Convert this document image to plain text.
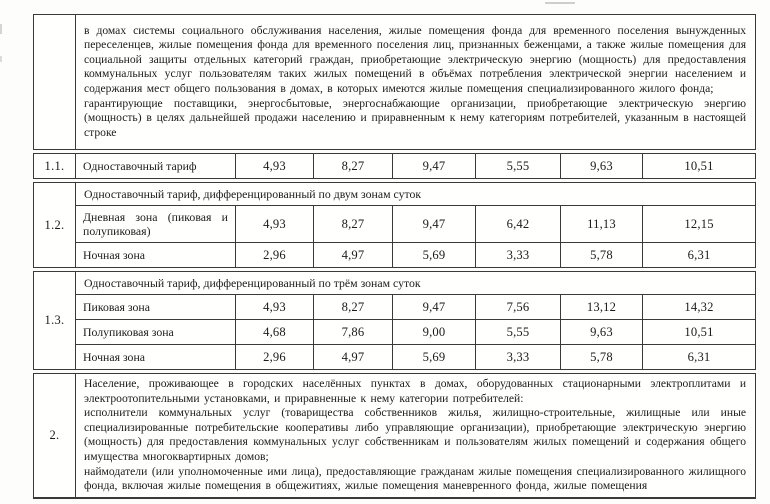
в домах системы социального обслуживания населения, жилые помещения фонда для временного поселения вынужденных переселенцев, жилые помещения фонда для временного поселения лиц, признанных беженцами, а также жилые помещения для социальной защиты отдельных категорий граждан, приобретающие электрическую энергию (мощность) для предоставления коммунальных услуг пользователям таких жилых помещений в объёмах потребления электрической энергии населением и содержания мест общего пользования в домах, в которых имеются жилые помещения специализированного жилого фонда;
гарантирующие поставщики, энергосбытовые, энергоснабжающие организации, приобретающие электрическую энергию (мощность) в целях дальнейшей продажи населению и приравненным к нему категориям потребителей, указанным в настоящей строке
1.1.	Одноставочный тариф	4,93	8,27	9,47	5,55	9,63	10,51
1.2.	Одноставочный тариф, дифференцированный по двум зонам суток						
	Дневная зона (пиковая и полупиковая)	4,93	8,27	9,47	6,42	11,13	12,15
	Ночная зона	2,96	4,97	5,69	3,33	5,78	6,31
1.3.	Одноставочный тариф, дифференцированный по трём зонам суток						
	Пиковая зона	4,93	8,27	9,47	7,56	13,12	14,32
	Полупиковая зона	4,68	7,86	9,00	5,55	9,63	10,51
	Ночная зона	2,96	4,97	5,69	3,33	5,78	6,31
2.	
Население, проживающее в городских населённых пунктах в домах, оборудованных стационарными электроплитами и электроотопительными установками, и приравненные к нему категории потребителей:
исполнители коммунальных услуг (товарищества собственников жилья, жилищно-строительные, жилищные или иные специализированные потребительские кооперативы либо управляющие организации), приобретающие электрическую энергию (мощность) для предоставления коммунальных услуг собственникам и пользователям жилых помещений и содержания общего имущества многоквартирных домов;
наймодатели (или уполномоченные ими лица), предоставляющие гражданам жилые помещения специализированного жилищного фонда, включая жилые помещения в общежитиях, жилые помещения маневренного фонда, жилые помещения
